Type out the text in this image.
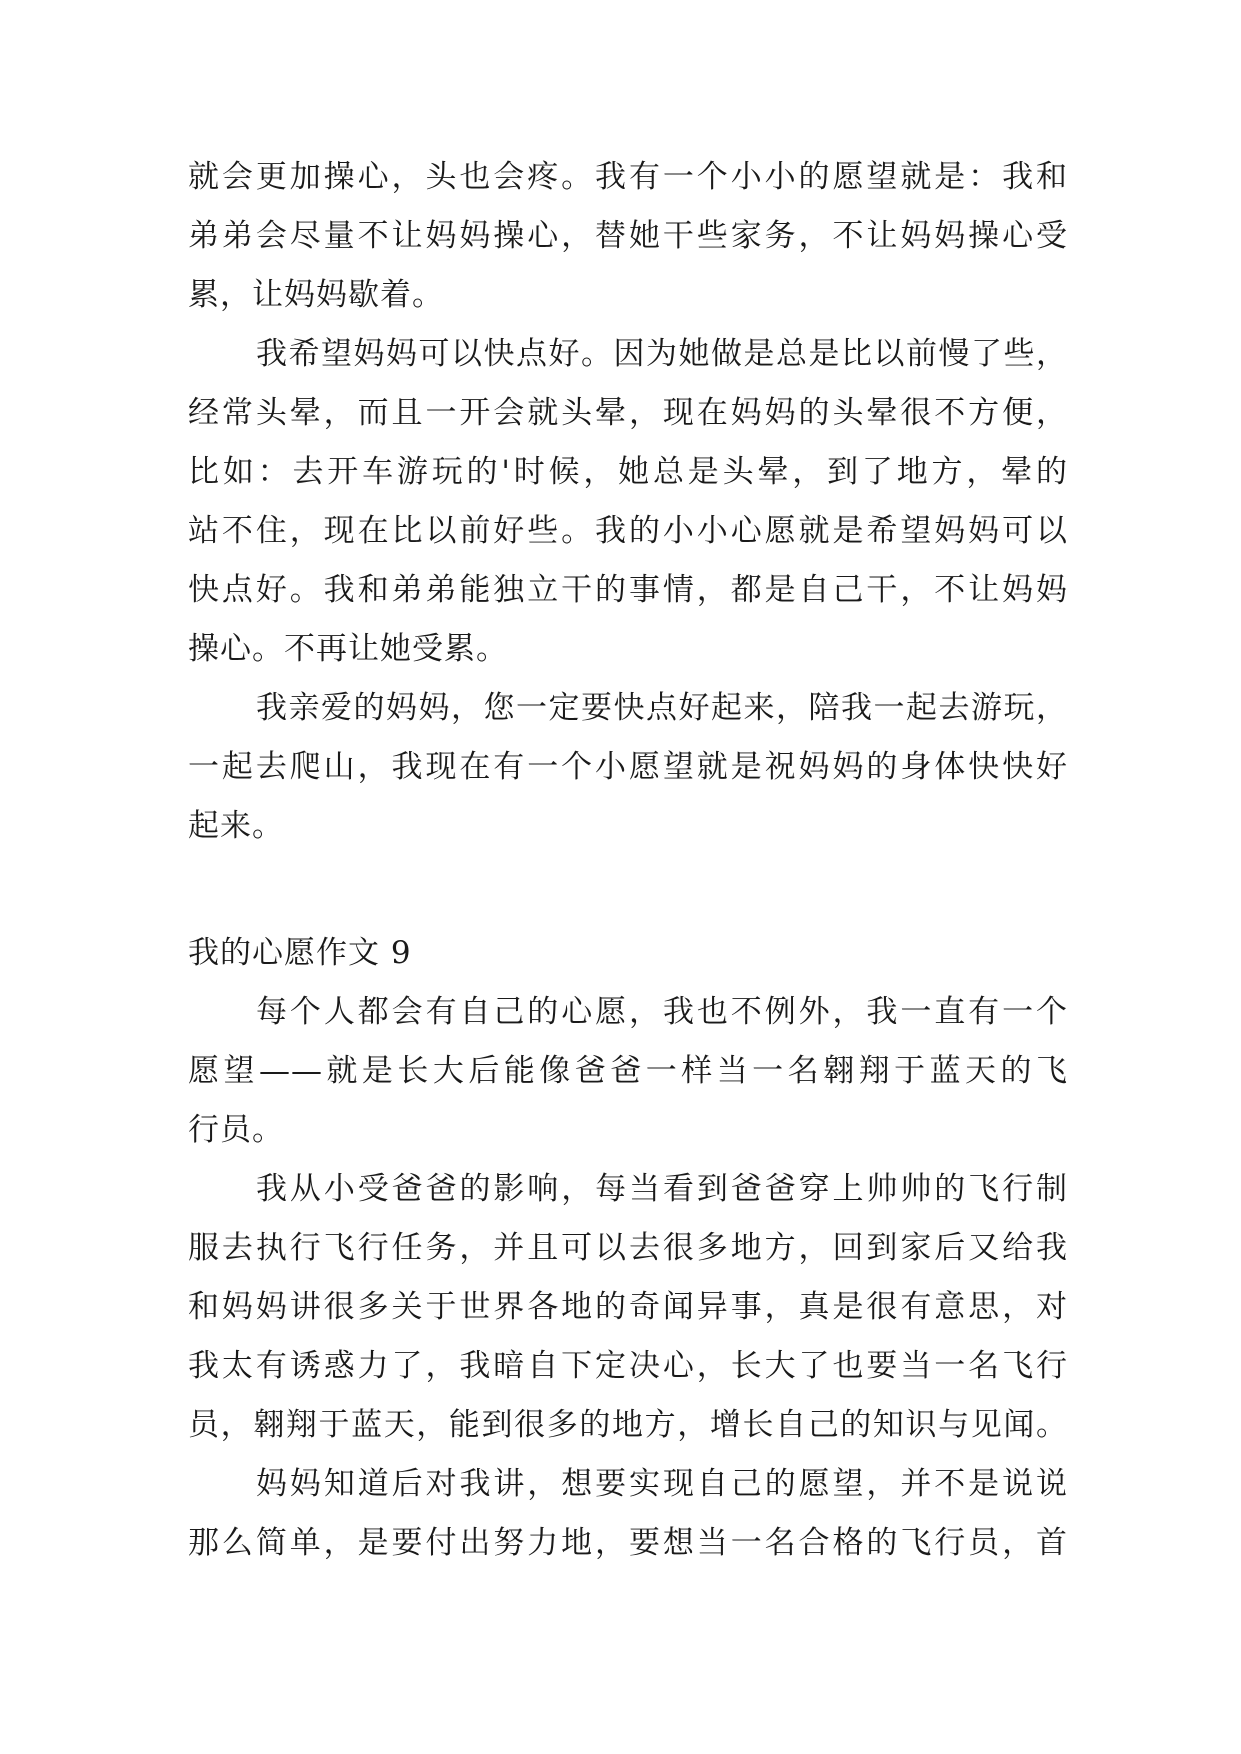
就会更加操心，头也会疼。我有一个小小的愿望就是：我和
弟弟会尽量不让妈妈操心，替她干些家务，不让妈妈操心受
累，让妈妈歇着。
我希望妈妈可以快点好。因为她做是总是比以前慢了些，
经常头晕，而且一开会就头晕，现在妈妈的头晕很不方便，
比如：去开车游玩的'时候，她总是头晕，到了地方，晕的
站不住，现在比以前好些。我的小小心愿就是希望妈妈可以
快点好。我和弟弟能独立干的事情，都是自己干，不让妈妈
操心。不再让她受累。
我亲爱的妈妈，您一定要快点好起来，陪我一起去游玩，
一起去爬山，我现在有一个小愿望就是祝妈妈的身体快快好
起来。
我的心愿作文 9
每个人都会有自己的心愿，我也不例外，我一直有一个
愿望——就是长大后能像爸爸一样当一名翱翔于蓝天的飞
行员。
我从小受爸爸的影响，每当看到爸爸穿上帅帅的飞行制
服去执行飞行任务，并且可以去很多地方，回到家后又给我
和妈妈讲很多关于世界各地的奇闻异事，真是很有意思，对
我太有诱惑力了，我暗自下定决心，长大了也要当一名飞行
员，翱翔于蓝天，能到很多的地方，增长自己的知识与见闻。
妈妈知道后对我讲，想要实现自己的愿望，并不是说说
那么简单，是要付出努力地，要想当一名合格的飞行员，首
